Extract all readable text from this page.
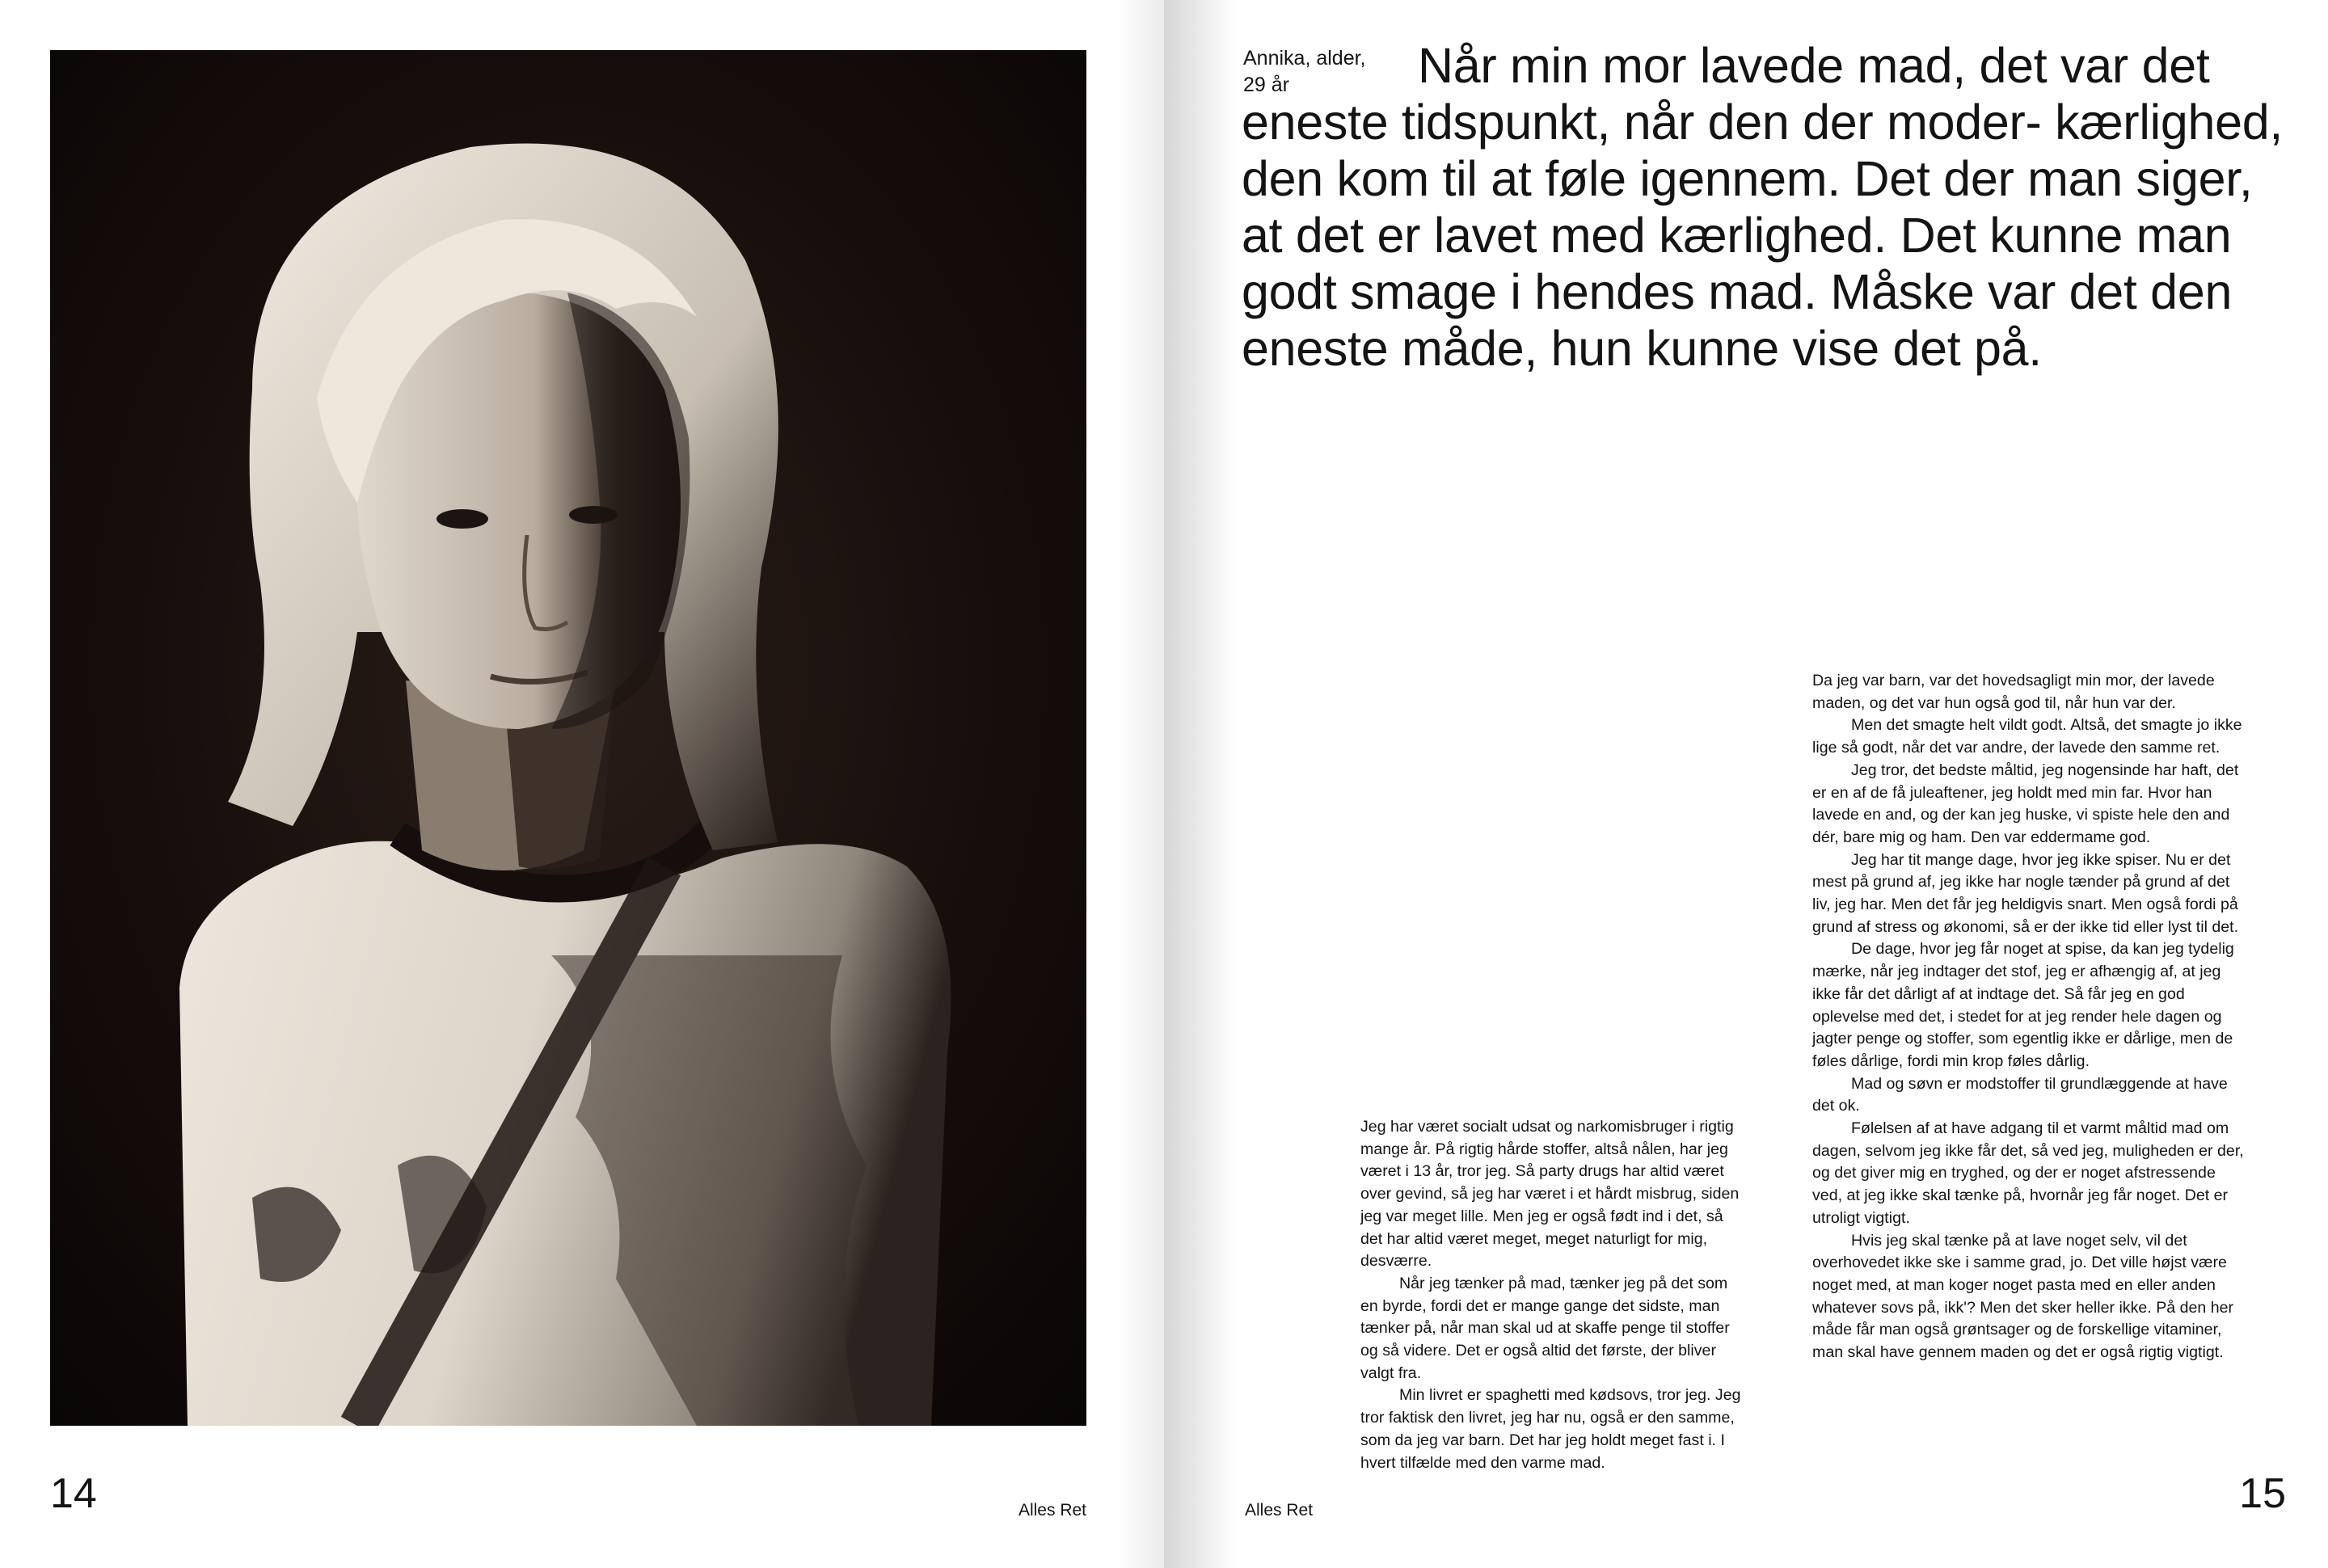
14	Alles Ret
Annika, alder, 29 år	Når min mor lavede mad, det var det eneste tidspunkt, når den der moder- kærlighed, den kom til at føle igennem. Det der man siger, at det er lavet med kærlighed. Det kunne man godt smage i hendes mad. Måske var det den eneste måde, hun kunne vise det på.

Jeg har været socialt udsat og narkomisbruger i rigtig mange år. På rigtig hårde stoffer, altså nålen, har jeg været i 13 år, tror jeg. Så party drugs har altid været over gevind, så jeg har været i et hårdt misbrug, siden jeg var meget lille. Men jeg er også født ind i det, så det har altid været meget, meget naturligt for mig, desværre.

Når jeg tænker på mad, tænker jeg på det som en byrde, fordi det er mange gange det sidste, man tænker på, når man skal ud at skaffe penge til stoffer og så videre. Det er også altid det første, der bliver valgt fra.

Min livret er spaghetti med kødsovs, tror jeg. Jeg tror faktisk den livret, jeg har nu, også er den samme, som da jeg var barn. Det har jeg holdt meget fast i. I hvert tilfælde med den varme mad.

Da jeg var barn, var det hovedsagligt min mor, der lavede maden, og det var hun også god til, når hun var der.

Men det smagte helt vildt godt. Altså, det smagte jo ikke lige så godt, når det var andre, der lavede den samme ret.

Jeg tror, det bedste måltid, jeg nogensinde har haft, det er en af de få juleaftener, jeg holdt med min far. Hvor han lavede en and, og der kan jeg huske, vi spiste hele den and dér, bare mig og ham. Den var eddermame god.

Jeg har tit mange dage, hvor jeg ikke spiser. Nu er det mest på grund af, jeg ikke har nogle tænder på grund af det liv, jeg har. Men det får jeg heldigvis snart. Men også fordi på grund af stress og økonomi, så er der ikke tid eller lyst til det.

De dage, hvor jeg får noget at spise, da kan jeg tydelig mærke, når jeg indtager det stof, jeg er afhængig af, at jeg ikke får det dårligt af at indtage det. Så får jeg en god oplevelse med det, i stedet for at jeg render hele dagen og jagter penge og stoffer, som egentlig ikke er dårlige, men de føles dårlige, fordi min krop føles dårlig.

Mad og søvn er modstoffer til grundlæggende at have det ok.

Følelsen af at have adgang til et varmt måltid mad om dagen, selvom jeg ikke får det, så ved jeg, muligheden er der, og det giver mig en tryghed, og der er noget afstressende ved, at jeg ikke skal tænke på, hvornår jeg får noget. Det er utroligt vigtigt.

Hvis jeg skal tænke på at lave noget selv, vil det overhovedet ikke ske i samme grad, jo. Det ville højst være noget med, at man koger noget pasta med en eller anden whatever sovs på, ikk'? Men det sker heller ikke. På den her måde får man også grøntsager og de forskellige vitaminer, man skal have gennem maden og det er også rigtig vigtigt.

Alles Ret	15
